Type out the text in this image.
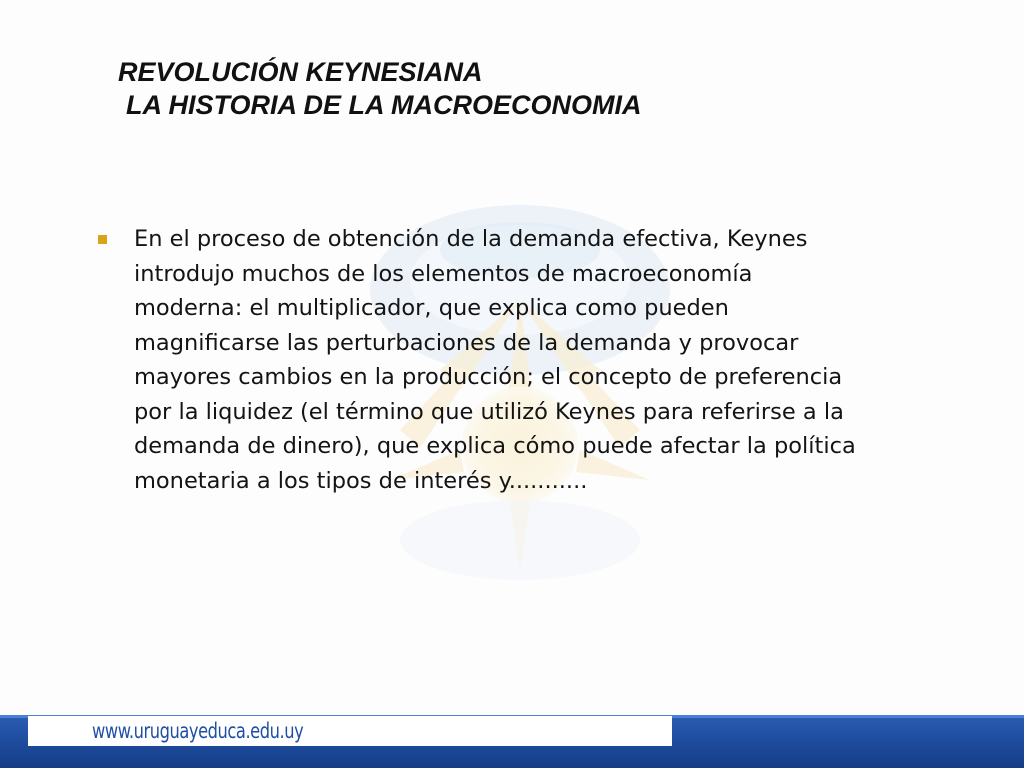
REVOLUCIÓN KEYNESIANA
LA HISTORIA DE LA MACROECONOMIA
En el proceso de obtención de la demanda efectiva, Keynes introdujo muchos de los elementos de macroeconomía moderna: el multiplicador, que explica como pueden magnificarse las perturbaciones de la demanda y provocar mayores cambios en la producción; el concepto de preferencia por la liquidez (el término que utilizó Keynes para referirse a la demanda de dinero), que explica cómo puede afectar la política monetaria a los tipos de interés y...........
www.uruguayeduca.edu.uy
